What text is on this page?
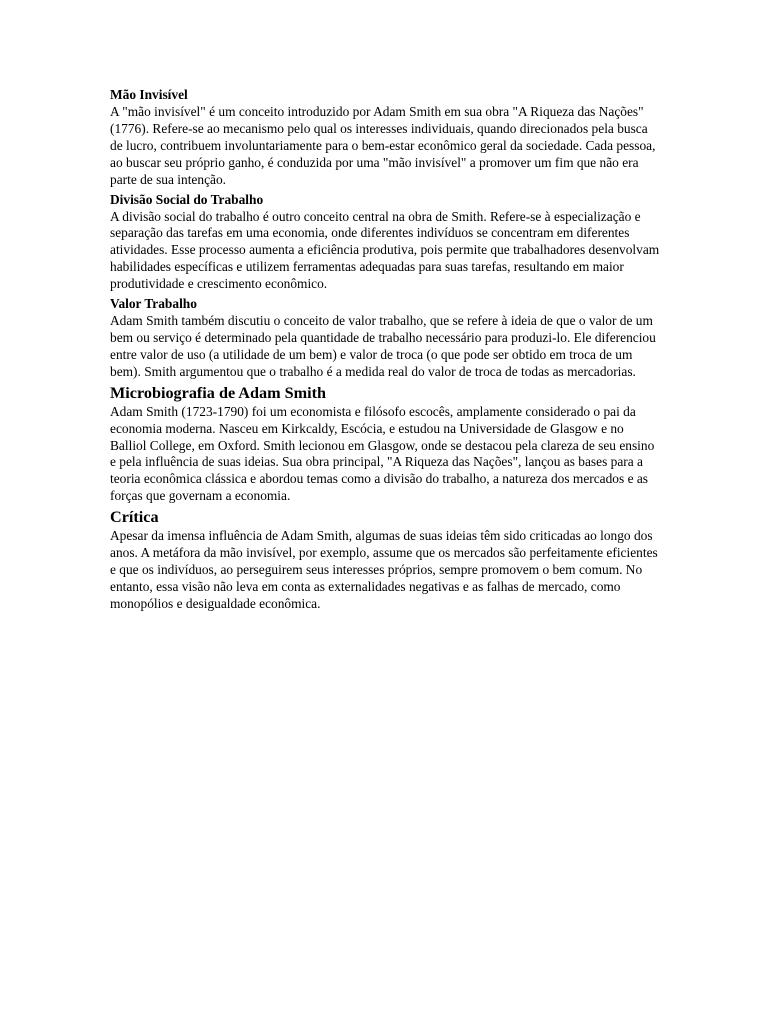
Mão Invisível

A "mão invisível" é um conceito introduzido por Adam Smith em sua obra "A Riqueza das Nações" (1776). Refere-se ao mecanismo pelo qual os interesses individuais, quando direcionados pela busca de lucro, contribuem involuntariamente para o bem-estar econômico geral da sociedade. Cada pessoa, ao buscar seu próprio ganho, é conduzida por uma "mão invisível" a promover um fim que não era parte de sua intenção.

Divisão Social do Trabalho

A divisão social do trabalho é outro conceito central na obra de Smith. Refere-se à especialização e separação das tarefas em uma economia, onde diferentes indivíduos se concentram em diferentes atividades. Esse processo aumenta a eficiência produtiva, pois permite que trabalhadores desenvolvam habilidades específicas e utilizem ferramentas adequadas para suas tarefas, resultando em maior produtividade e crescimento econômico.

Valor Trabalho

Adam Smith também discutiu o conceito de valor trabalho, que se refere à ideia de que o valor de um bem ou serviço é determinado pela quantidade de trabalho necessário para produzi-lo. Ele diferenciou entre valor de uso (a utilidade de um bem) e valor de troca (o que pode ser obtido em troca de um bem). Smith argumentou que o trabalho é a medida real do valor de troca de todas as mercadorias.

Microbiografia de Adam Smith

Adam Smith (1723-1790) foi um economista e filósofo escocês, amplamente considerado o pai da economia moderna. Nasceu em Kirkcaldy, Escócia, e estudou na Universidade de Glasgow e no Balliol College, em Oxford. Smith lecionou em Glasgow, onde se destacou pela clareza de seu ensino e pela influência de suas ideias. Sua obra principal, "A Riqueza das Nações", lançou as bases para a teoria econômica clássica e abordou temas como a divisão do trabalho, a natureza dos mercados e as forças que governam a economia.

Crítica

Apesar da imensa influência de Adam Smith, algumas de suas ideias têm sido criticadas ao longo dos anos. A metáfora da mão invisível, por exemplo, assume que os mercados são perfeitamente eficientes e que os indivíduos, ao perseguirem seus interesses próprios, sempre promovem o bem comum. No entanto, essa visão não leva em conta as externalidades negativas e as falhas de mercado, como monopólios e desigualdade econômica.
